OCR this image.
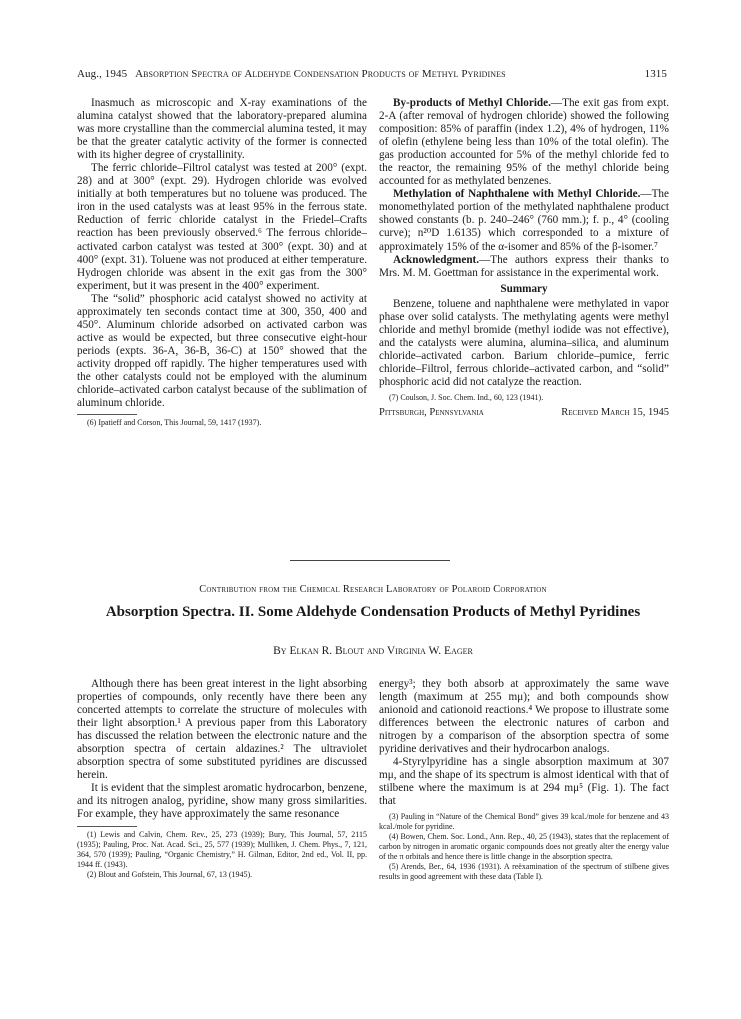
Aug., 1945 Absorption Spectra of Aldehyde Condensation Products of Methyl Pyridines	1315

Inasmuch as microscopic and X-ray examinations of the alumina catalyst showed that the laboratory-prepared alumina was more crystalline than the commercial alumina tested, it may be that the greater catalytic activity of the former is connected with its higher degree of crystallinity.

The ferric chloride–Filtrol catalyst was tested at 200° (expt. 28) and at 300° (expt. 29). Hydrogen chloride was evolved initially at both temperatures but no toluene was produced. The iron in the used catalysts was at least 95% in the ferrous state. Reduction of ferric chloride catalyst in the Friedel–Crafts reaction has been previously observed.⁶ The ferrous chloride–activated carbon catalyst was tested at 300° (expt. 30) and at 400° (expt. 31). Toluene was not produced at either temperature. Hydrogen chloride was absent in the exit gas from the 300° experiment, but it was present in the 400° experiment.

The “solid” phosphoric acid catalyst showed no activity at approximately ten seconds contact time at 300, 350, 400 and 450°. Aluminum chloride adsorbed on activated carbon was active as would be expected, but three consecutive eight-hour periods (expts. 36-A, 36-B, 36-C) at 150° showed that the activity dropped off rapidly. The higher temperatures used with the other catalysts could not be employed with the aluminum chloride–activated carbon catalyst because of the sublimation of aluminum chloride.

(6) Ipatieff and Corson, This Journal, 59, 1417 (1937).

By-products of Methyl Chloride.—The exit gas from expt. 2-A (after removal of hydrogen chloride) showed the following composition: 85% of paraffin (index 1.2), 4% of hydrogen, 11% of olefin (ethylene being less than 10% of the total olefin). The gas production accounted for 5% of the methyl chloride fed to the reactor, the remaining 95% of the methyl chloride being accounted for as methylated benzenes.

Methylation of Naphthalene with Methyl Chloride.—The monomethylated portion of the methylated naphthalene product showed constants (b. p. 240–246° (760 mm.); f. p., 4° (cooling curve); n²⁰D 1.6135) which corresponded to a mixture of approximately 15% of the α-isomer and 85% of the β-isomer.⁷

Acknowledgment.—The authors express their thanks to Mrs. M. M. Goettman for assistance in the experimental work.

Summary

Benzene, toluene and naphthalene were methylated in vapor phase over solid catalysts. The methylating agents were methyl chloride and methyl bromide (methyl iodide was not effective), and the catalysts were alumina, alumina–silica, and aluminum chloride–activated carbon. Barium chloride–pumice, ferric chloride–Filtrol, ferrous chloride–activated carbon, and “solid” phosphoric acid did not catalyze the reaction.

(7) Coulson, J. Soc. Chem. Ind., 60, 123 (1941).

Pittsburgh, Pennsylvania	Received March 15, 1945
Contribution from the Chemical Research Laboratory of Polaroid Corporation
Absorption Spectra. II. Some Aldehyde Condensation Products of Methyl Pyridines
By Elkan R. Blout and Virginia W. Eager

Although there has been great interest in the light absorbing properties of compounds, only recently have there been any concerted attempts to correlate the structure of molecules with their light absorption.¹ A previous paper from this Laboratory has discussed the relation between the electronic nature and the absorption spectra of certain aldazines.² The ultraviolet absorption spectra of some substituted pyridines are discussed herein.

It is evident that the simplest aromatic hydrocarbon, benzene, and its nitrogen analog, pyridine, show many gross similarities. For example, they have approximately the same resonance

(1) Lewis and Calvin, Chem. Rev., 25, 273 (1939); Bury, This Journal, 57, 2115 (1935); Pauling, Proc. Nat. Acad. Sci., 25, 577 (1939); Mulliken, J. Chem. Phys., 7, 121, 364, 570 (1939); Pauling, “Organic Chemistry,” H. Gilman, Editor, 2nd ed., Vol. II, pp. 1944 ff. (1943).

(2) Blout and Gofstein, This Journal, 67, 13 (1945).

energy³; they both absorb at approximately the same wave length (maximum at 255 mμ); and both compounds show anionoid and cationoid reactions.⁴ We propose to illustrate some differences between the electronic natures of carbon and nitrogen by a comparison of the absorption spectra of some pyridine derivatives and their hydrocarbon analogs.

4-Styrylpyridine has a single absorption maximum at 307 mμ, and the shape of its spectrum is almost identical with that of stilbene where the maximum is at 294 mμ⁵ (Fig. 1). The fact that

(3) Pauling in “Nature of the Chemical Bond” gives 39 kcal./mole for benzene and 43 kcal./mole for pyridine.

(4) Bowen, Chem. Soc. Lond., Ann. Rep., 40, 25 (1943), states that the replacement of carbon by nitrogen in aromatic organic compounds does not greatly alter the energy value of the π orbitals and hence there is little change in the absorption spectra.

(5) Arends, Ber., 64, 1936 (1931). A reëxamination of the spectrum of stilbene gives results in good agreement with these data (Table I).
